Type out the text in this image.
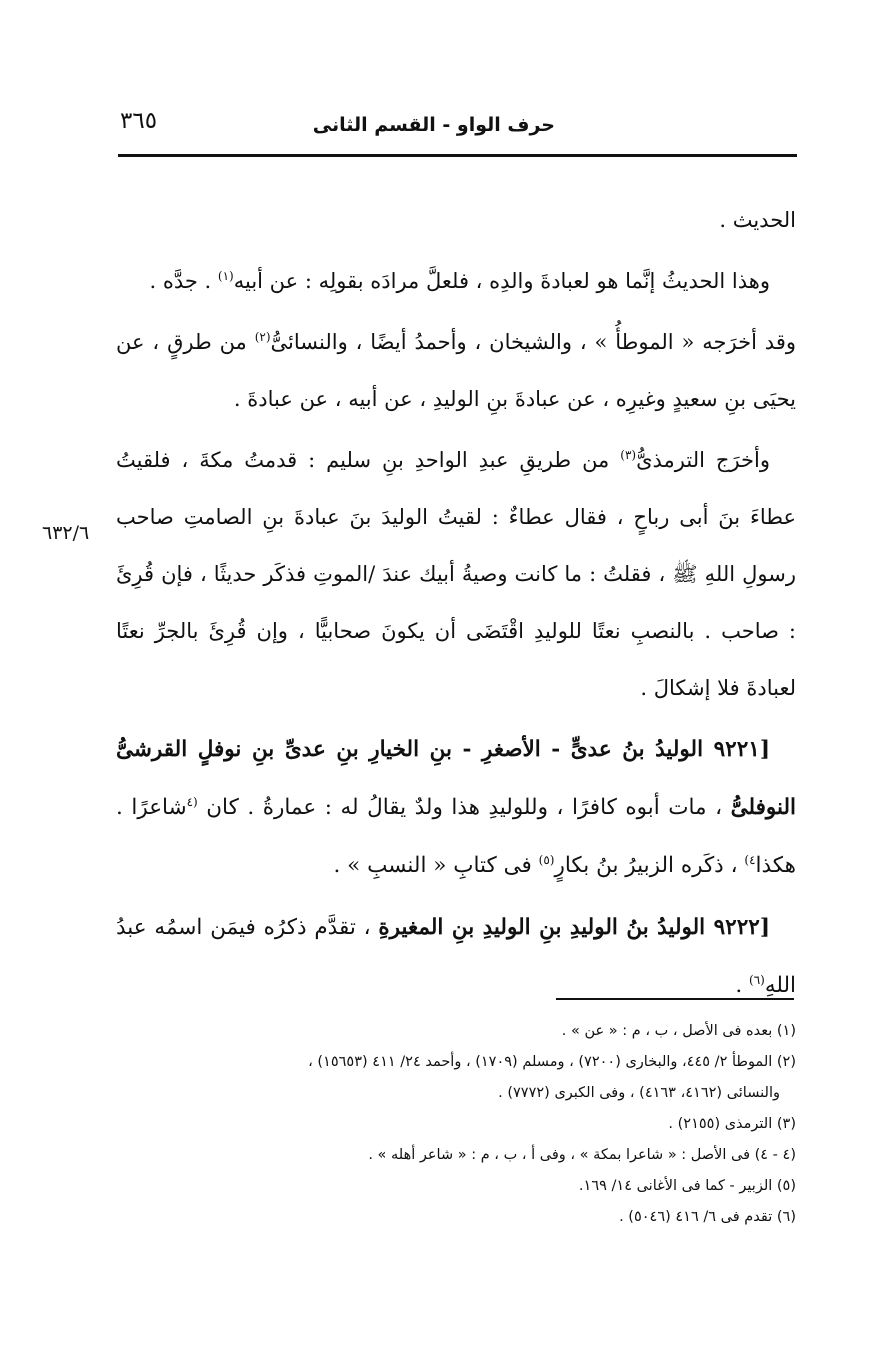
حرف الواو - القسم الثانى
٣٦٥
٦٣٢/٦

الحديث .

وهذا الحديثُ إنَّما هو لعبادةَ والدِه ، فلعلَّ مرادَه بقولِه : عن أبيه$^{(١)}$ . جدَّه .

وقد أخرَجه « الموطأُ » ، والشيخان ، وأحمدُ أيضًا ، والنسائىُّ$^{(٢)}$ من طرقٍ ، عن يحيَى بنِ سعيدٍ وغيرِه ، عن عبادةَ بنِ الوليدِ ، عن أبيه ، عن عبادةَ .

وأخرَج الترمذىُّ$^{(٣)}$ من طريقِ عبدِ الواحدِ بنِ سليم : قدمتُ مكةَ ، فلقيتُ عطاءَ بنَ أبى رباحٍ ، فقال عطاءٌ : لقيتُ الوليدَ بنَ عبادةَ بنِ الصامتِ صاحب رسولِ اللهِ ﷺ ، فقلتُ : ما كانت وصيةُ أبيك عندَ /الموتِ فذكَر حديثًا ، فإن قُرِئَ : صاحب . بالنصبِ نعتًا للوليدِ اقْتَضَى أن يكونَ صحابيًّا ، وإن قُرِئَ بالجرِّ نعتًا لعبادةَ فلا إشكالَ .

[٩٢٢١ الوليدُ بنُ عدىٍّ - الأصغرِ - بنِ الخيارِ بنِ عدىِّ بنِ نوفلٍ القرشىُّ النوفلىُّ ، مات أبوه كافرًا ، وللوليدِ هذا ولدٌ يقالُ له : عمارةُ . كان $^{(٤}$شاعرًا . هكذا$^{٤)}$ ، ذكَره الزبيرُ بنُ بكارٍ$^{(٥)}$ فى كتابِ « النسبِ » .

[٩٢٢٢ الوليدُ بنُ الوليدِ بنِ الوليدِ بنِ المغيرةِ ، تقدَّم ذكرُه فيمَن اسمُه عبدُ اللهِ$^{(٦)}$ .

(١) بعده فى الأصل ، ب ، م : « عن » .

(٢) الموطأ ٢/ ٤٤٥، والبخارى (٧٢٠٠) ، ومسلم (١٧٠٩) ، وأحمد ٢٤/ ٤١١ (١٥٦٥٣) ،

والنسائى (٤١٦٢، ٤١٦٣) ، وفى الكبرى (٧٧٧٢) .

(٣) الترمذى (٢١٥٥) .

(٤ - ٤) فى الأصل : « شاعرا بمكة » ، وفى أ ، ب ، م : « شاعر أهله » .

(٥) الزبير - كما فى الأغانى ١٤/ ١٦٩.

(٦) تقدم فى ٦/ ٤١٦ (٥٠٤٦) .
